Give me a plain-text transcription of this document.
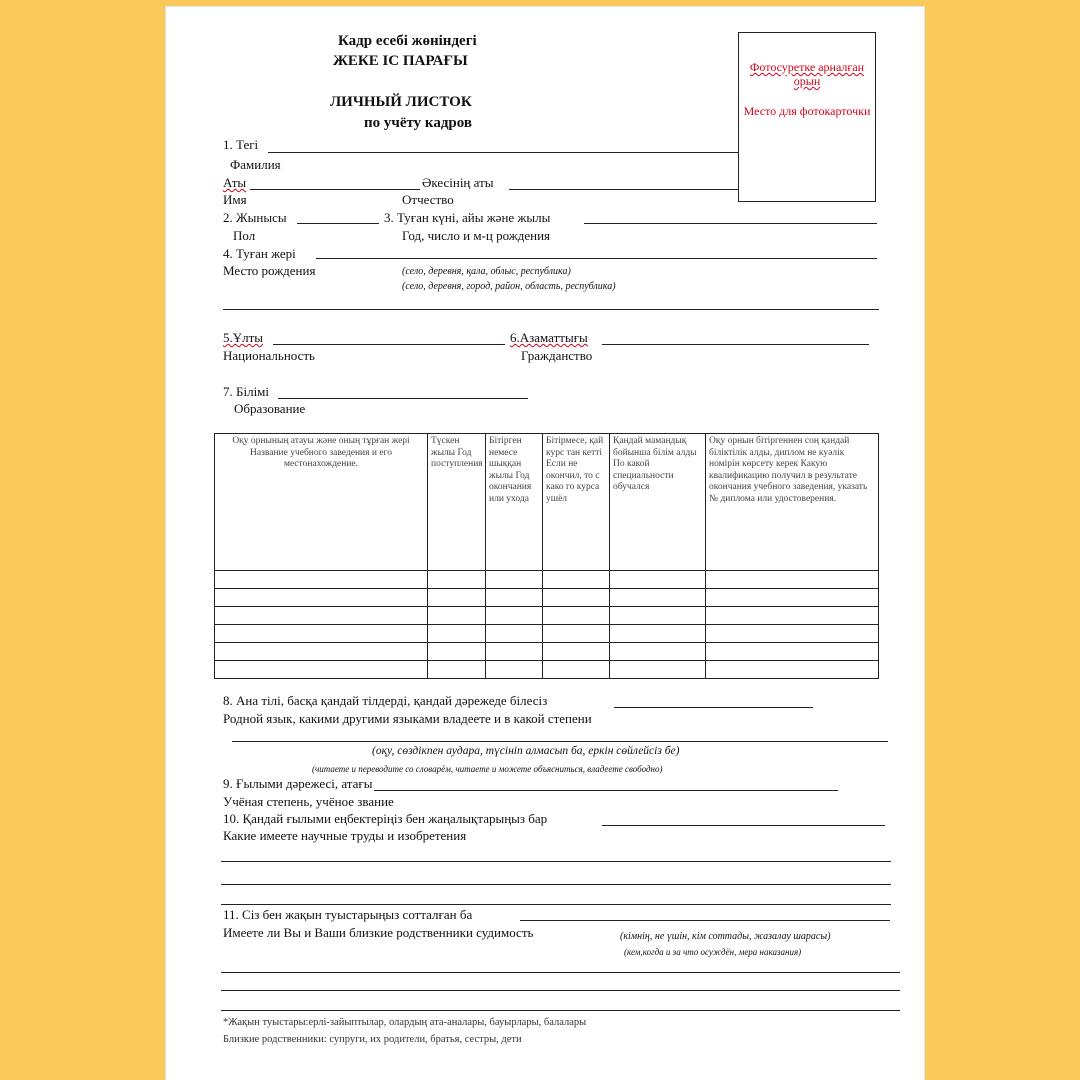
Кадр есебі жөніндегі
ЖЕКЕ ІС ПАРАҒЫ
ЛИЧНЫЙ ЛИСТОК
по учёту кадров
Фотосуретке арналған орын
Место для фотокарточки
1. Тегі
Фамилия
Аты	Әкесінің аты
Имя	Отчество
2. Жынысы	3. Туған күні, айы және жылы
Пол	Год, число и м-ц рождения
4. Туған жері
Место рождения	(село, деревня, қала, облыс, республика)
(село, деревня, город, район, область, республика)
5.Ұлты	6.Азаматтығы
Национальность	Гражданство
7. Білімі
Образование
Оқу орнының атауы және оның тұрған жері Название учебного заведения и его местонахождение.	Түскен жылы Год поступления	Бітірген немесе шыққан жылы Год окончания или ухода	Бітірмесе, қай курс тан кетті Если не окончил, то с како го курса ушёл	Қандай мамандық бойынша білім алды По какой специальности обучался	Оқу орнын бітіргеннен соң қандай біліктілік алды, диплом не куәлік номірін көрсету керек Какую квалификацию получил в результате окончания учебного заведения, указать № диплома или удостоверения.

8. Ана тілі, басқа қандай тілдерді, қандай дәрежеде білесіз
Родной язык, какими другими языками владеете и в какой степени
(оқу, сөздікпен аудара, түсініп алмасып ба, еркін сөйлейсіз бе)
(читаете и переводите со словарём, читаете и можете объясниться, владеете свободно)
9. Ғылыми дәрежесі, атағы
Учёная степень, учёное звание
10. Қандай ғылыми еңбектеріңіз бен жаңалықтарыңыз бар
Какие имеете научные труды и изобретения
11. Сіз бен жақын туыстарыңыз сотталған ба
Имеете ли Вы и Ваши близкие родственники судимость	(кімнің, не үшін, кім соттады, жазалау шарасы)
(кем,когда и за что осуждён, мера наказания)
*Жақын туыстары:ерлі-зайыптылар, олардың ата-аналары, бауырлары, балалары
Близкие родственники: супруги, их родители, братья, сестры, дети
